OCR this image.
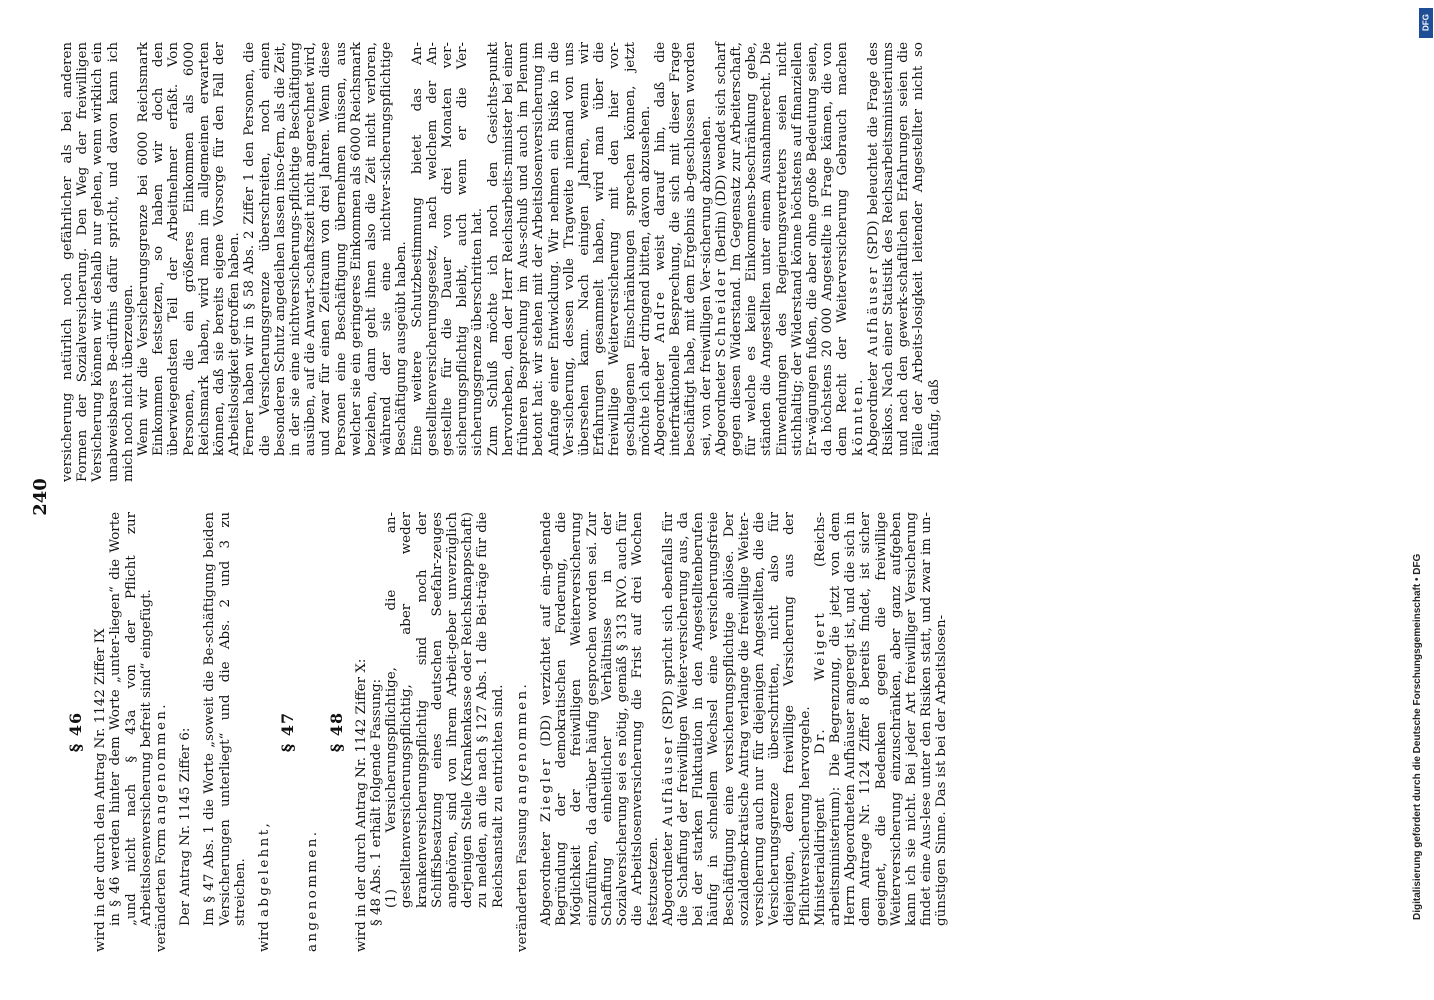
240
§ 46 wird in der durch den Antrag Nr. 1142 Ziffer IX in § 46 werden hinter dem Worte „unter-liegen“ die Worte „und nicht nach § 43a von der Pflicht zur Arbeitslosenversicherung befreit sind“ eingefügt. veränderten Form angenommen. Der Antrag Nr. 1145 Ziffer 6: Im § 47 Abs. 1 die Worte „soweit die Be-schäftigung beiden Versicherungen unterliegt“ und die Abs. 2 und 3 zu streichen.

wird abgelehnt,

§ 47

angenommen.

§ 48 wird in der durch Antrag Nr. 1142 Ziffer X: § 48 Abs. 1 erhält folgende Fassung: (1) Versicherungspflichtige, die an-gestelltenversicherungspflichtig, aber weder krankenversicherungspflichtig sind noch der Schiffsbesatzung eines deutschen Seefahr-zeuges angehören, sind von ihrem Arbeit-geber unverzüglich derjenigen Stelle (Krankenkasse oder Reichsknappschaft) zu melden, an die nach § 127 Abs. 1 die Bei-träge für die Reichsanstalt zu entrichten sind. veränderten Fassung angenommen.

Abgeordneter Ziegler (DD) verzichtet auf ein-gehende Begründung der demokratischen Forderung, die Möglichkeit der freiwilligen Weiterversicherung einzuführen, da darüber häufig gesprochen worden sei. Zur Schaffung einheitlicher Verhältnisse in der Sozialversicherung sei es nötig, gemäß § 313 RVO. auch für die Arbeitslosenversicherung die Frist auf drei Wochen festzusetzen. Abgeordneter Aufhäuser (SPD) spricht sich ebenfalls für die Schaffung der freiwilligen Weiter-versicherung aus, da bei der starken Fluktuation in den Angestelltenberufen häufig in schnellem Wechsel eine versicherungsfreie Beschäftigung eine versicherungspflichtige ablöse. Der sozialdemo-kratische Antrag verlange die freiwillige Weiter-versicherung auch nur für diejenigen Angestellten, die die Versicherungsgrenze überschritten, nicht also für diejenigen, deren freiwillige Versicherung aus der Pflichtversicherung hervorgehe. Ministerialdirigent Dr. Weigert (Reichs-arbeitsministerium): Die Begrenzung, die jetzt von dem Herrn Abgeordneten Aufhäuser angeregt ist, und die sich in dem Antrage Nr. 1124 Ziffer 8 bereits findet, ist sicher geeignet, die Bedenken gegen die freiwillige Weiterversicherung einzuschränken, aber ganz aufgeben kann ich sie nicht. Bei jeder Art freiwilliger Versicherung findet eine Aus-lese unter den Risiken statt, und zwar im un-günstigen Sinne. Das ist bei der Arbeitslosen-

versicherung natürlich noch gefährlicher als bei anderen Formen der Sozialversicherung. Den Weg der freiwilligen Versicherung können wir deshalb nur gehen, wenn wirklich ein unabweisbares Be-dürfnis dafür spricht, und davon kann ich mich noch nicht überzeugen. Wenn wir die Versicherungsgrenze bei 6000 Reichsmark Einkommen festsetzen, so haben wir doch den überwiegendsten Teil der Arbeitnehmer erfaßt. Von Personen, die ein größeres Einkommen als 6000 Reichsmark haben, wird man im allgemeinen erwarten können, daß sie bereits eigene Vorsorge für den Fall der Arbeitslosigkeit getroffen haben. Ferner haben wir in § 58 Abs. 2 Ziffer 1 den Personen, die die Versicherungsgrenze überschreiten, noch einen besonderen Schutz angedeihen lassen inso-fern, als die Zeit, in der sie eine nichtversicherungs-pflichtige Beschäftigung ausüben, auf die Anwart-schaftszeit nicht angerechnet wird, und zwar für einen Zeitraum von drei Jahren. Wenn diese Personen eine Beschäftigung übernehmen müssen, aus welcher sie ein geringeres Einkommen als 6000 Reichsmark beziehen, dann geht ihnen also die Zeit nicht verloren, während der sie eine nichtver-sicherungspflichtige Beschäftigung ausgeübt haben. Eine weitere Schutzbestimmung bietet das An-gestelltenversicherungsgesetz, nach welchem der An-gestellte für die Dauer von drei Monaten ver-sicherungspflichtig bleibt, auch wenn er die Ver-sicherungsgrenze überschritten hat. Zum Schluß möchte ich noch den Gesichts-punkt hervorheben, den der Herr Reichsarbeits-minister bei einer früheren Besprechung im Aus-schuß und auch im Plenum betont hat: wir stehen mit der Arbeitslosenversicherung im Anfange einer Entwicklung. Wir nehmen ein Risiko in die Ver-sicherung, dessen volle Tragweite niemand von uns übersehen kann. Nach einigen Jahren, wenn wir Erfahrungen gesammelt haben, wird man über die freiwillige Weiterversicherung mit den hier vor-geschlagenen Einschränkungen sprechen können, jetzt möchte ich aber dringend bitten, davon abzusehen. Abgeordneter Andre weist darauf hin, daß die interfraktionelle Besprechung, die sich mit dieser Frage beschäftigt habe, mit dem Ergebnis ab-geschlossen worden sei, von der freiwilligen Ver-sicherung abzusehen. Abgeordneter Schneider (Berlin) (DD) wendet sich scharf gegen diesen Widerstand. Im Gegensatz zur Arbeiterschaft, für welche es keine Einkommens-beschränkung gebe, ständen die Angestellten unter einem Ausnahmerecht. Die Einwendungen des Regierungsvertreters seien nicht stichhaltig; der Widerstand könne höchstens auf finanziellen Er-wägungen fußen, die aber ohne große Bedeutung seien, da höchstens 20 000 Angestellte in Frage kämen, die von dem Recht der Weiterversicherung Gebrauch machen könnten. Abgeordneter Aufhäuser (SPD) beleuchtet die Frage des Risikos. Nach einer Statistik des Reichsarbeitsministeriums und nach den gewerk-schaftlichen Erfahrungen seien die Fälle der Arbeits-losigkeit leitender Angestellter nicht so häufig, daß

Digitalisierung gefördert durch die Deutsche Forschungsgemeinschaft • DFG
DFG
